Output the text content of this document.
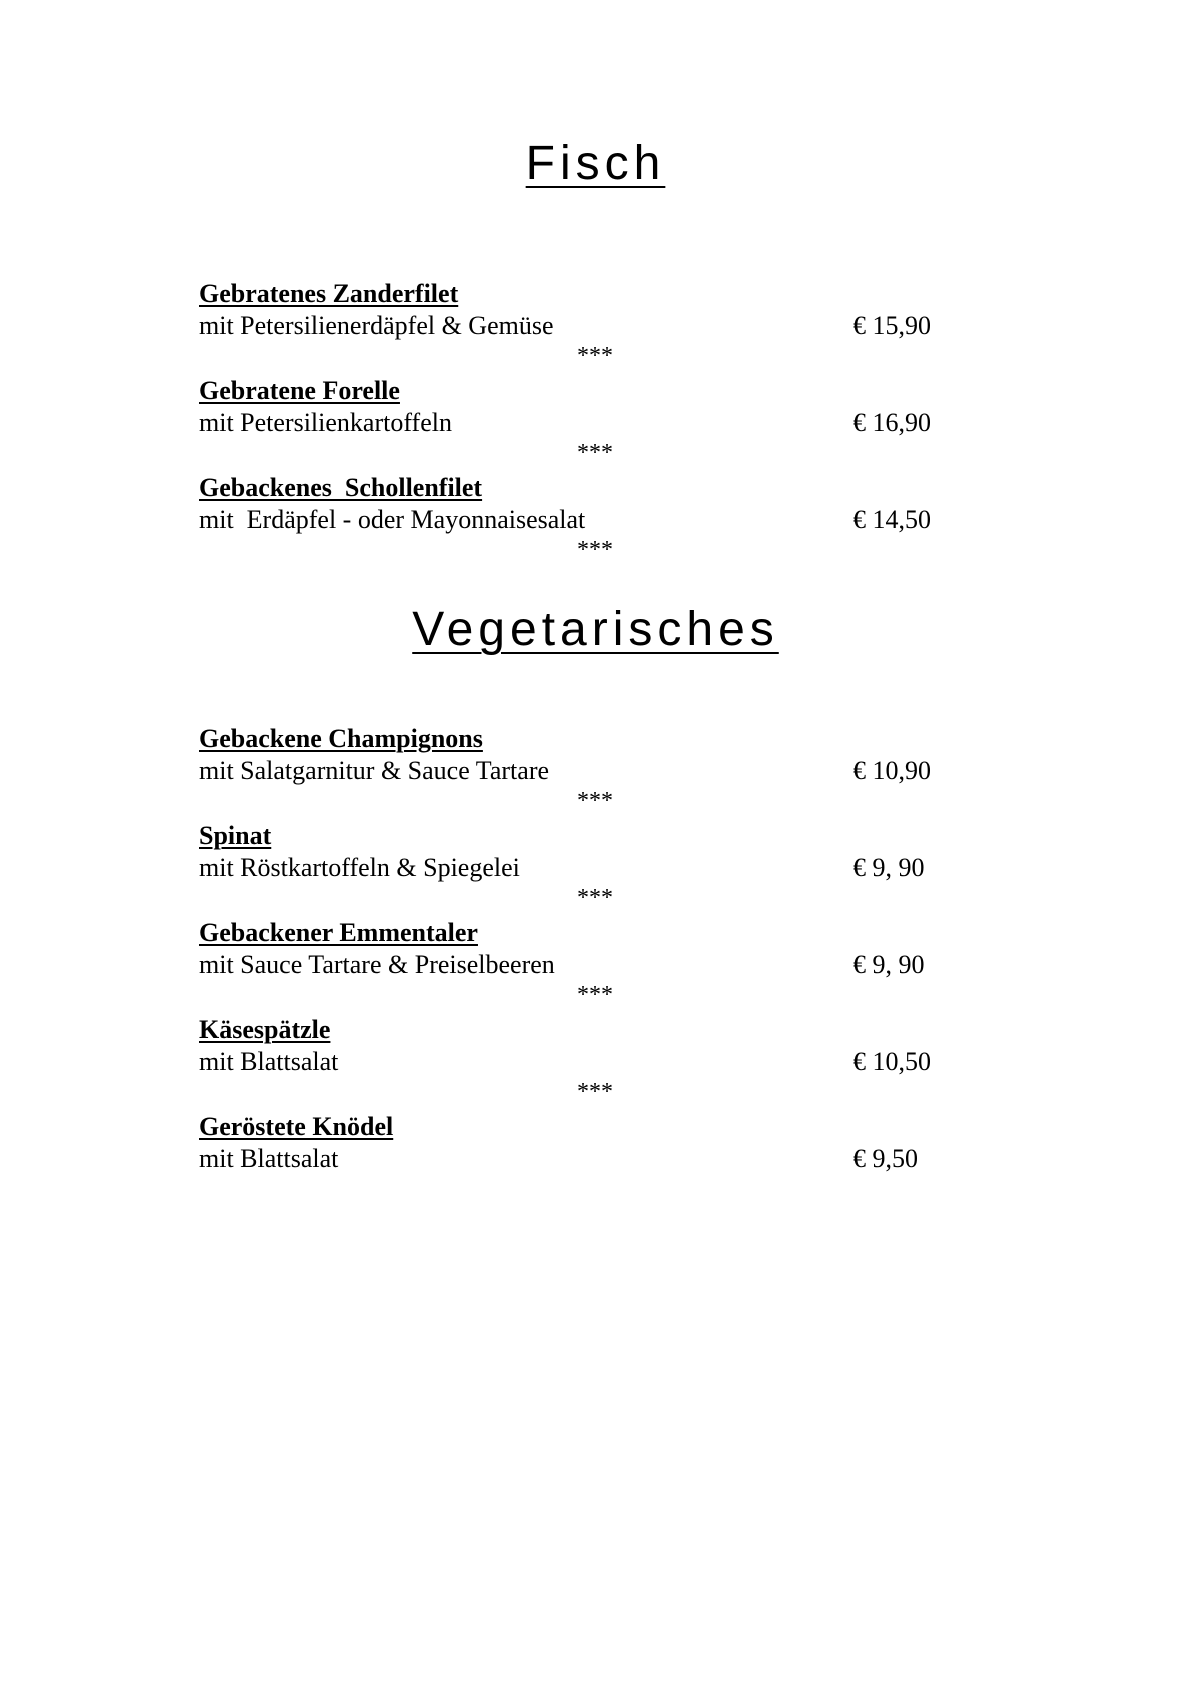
Fisch
Gebratenes Zanderfilet
mit Petersilienerdäpfel & Gemüse	€ 15,90
***
Gebratene Forelle
mit Petersilienkartoffeln	€ 16,90
***
Gebackenes  Schollenfilet
mit  Erdäpfel - oder Mayonnaisesalat	€ 14,50
***
Vegetarisches
Gebackene Champignons
mit Salatgarnitur & Sauce Tartare	€ 10,90
***
Spinat
mit Röstkartoffeln & Spiegelei	€ 9, 90
***
Gebackener Emmentaler
mit Sauce Tartare & Preiselbeeren	€ 9, 90
***
Käsespätzle
mit Blattsalat	€ 10,50
***
Geröstete Knödel
mit Blattsalat	€ 9,50
